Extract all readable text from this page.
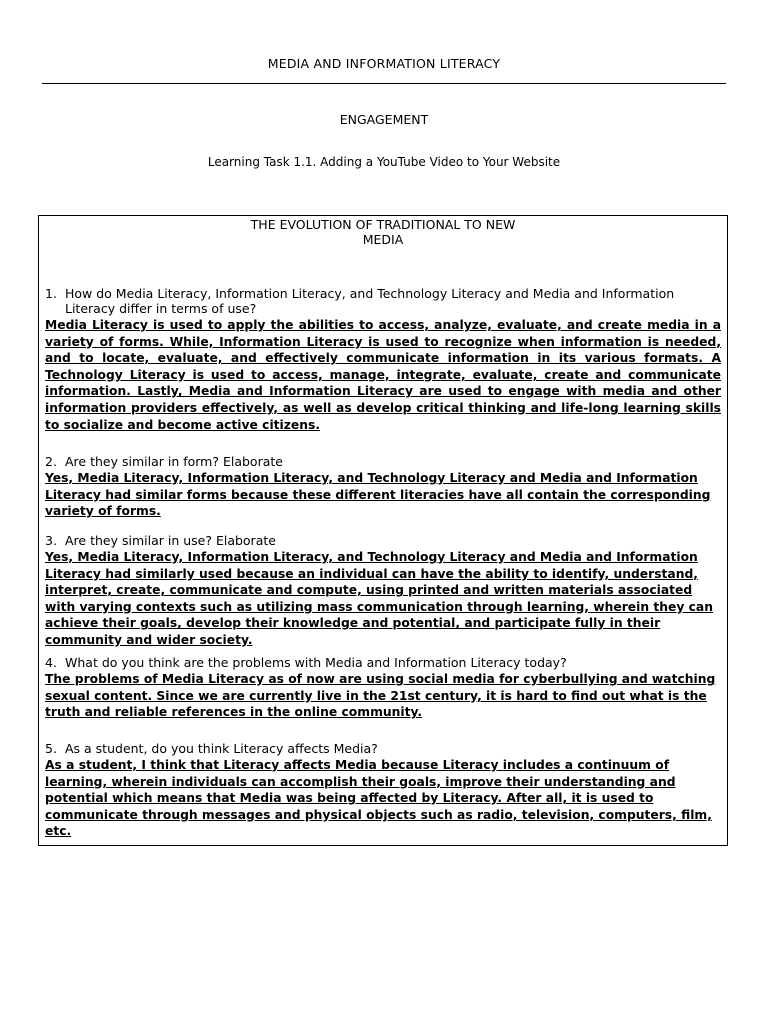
MEDIA AND INFORMATION LITERACY
ENGAGEMENT
Learning Task 1.1. Adding a YouTube Video to Your Website
THE EVOLUTION OF TRADITIONAL TO NEW
MEDIA

1. How do Media Literacy, Information Literacy, and Technology Literacy and Media and Information Literacy differ in terms of use?

Media Literacy is used to apply the abilities to access, analyze, evaluate, and create media in a variety of forms. While, Information Literacy is used to recognize when information is needed, and to locate, evaluate, and effectively communicate information in its various formats. A Technology Literacy is used to access, manage, integrate, evaluate, create and communicate information. Lastly, Media and Information Literacy are used to engage with media and other information providers effectively, as well as develop critical thinking and life-long learning skills to socialize and become active citizens.

2. Are they similar in form? Elaborate

Yes, Media Literacy, Information Literacy, and Technology Literacy and Media and Information Literacy had similar forms because these different literacies have all contain the corresponding variety of forms.

3. Are they similar in use? Elaborate

Yes, Media Literacy, Information Literacy, and Technology Literacy and Media and Information Literacy had similarly used because an individual can have the ability to identify, understand, interpret, create, communicate and compute, using printed and written materials associated with varying contexts such as utilizing mass communication through learning, wherein they can achieve their goals, develop their knowledge and potential, and participate fully in their community and wider society.

4. What do you think are the problems with Media and Information Literacy today?

The problems of Media Literacy as of now are using social media for cyberbullying and watching sexual content. Since we are currently live in the 21st century, it is hard to find out what is the truth and reliable references in the online community.

5. As a student, do you think Literacy affects Media?

As a student, I think that Literacy affects Media because Literacy includes a continuum of learning, wherein individuals can accomplish their goals, improve their understanding and potential which means that Media was being affected by Literacy. After all, it is used to communicate through messages and physical objects such as radio, television, computers, film, etc.
